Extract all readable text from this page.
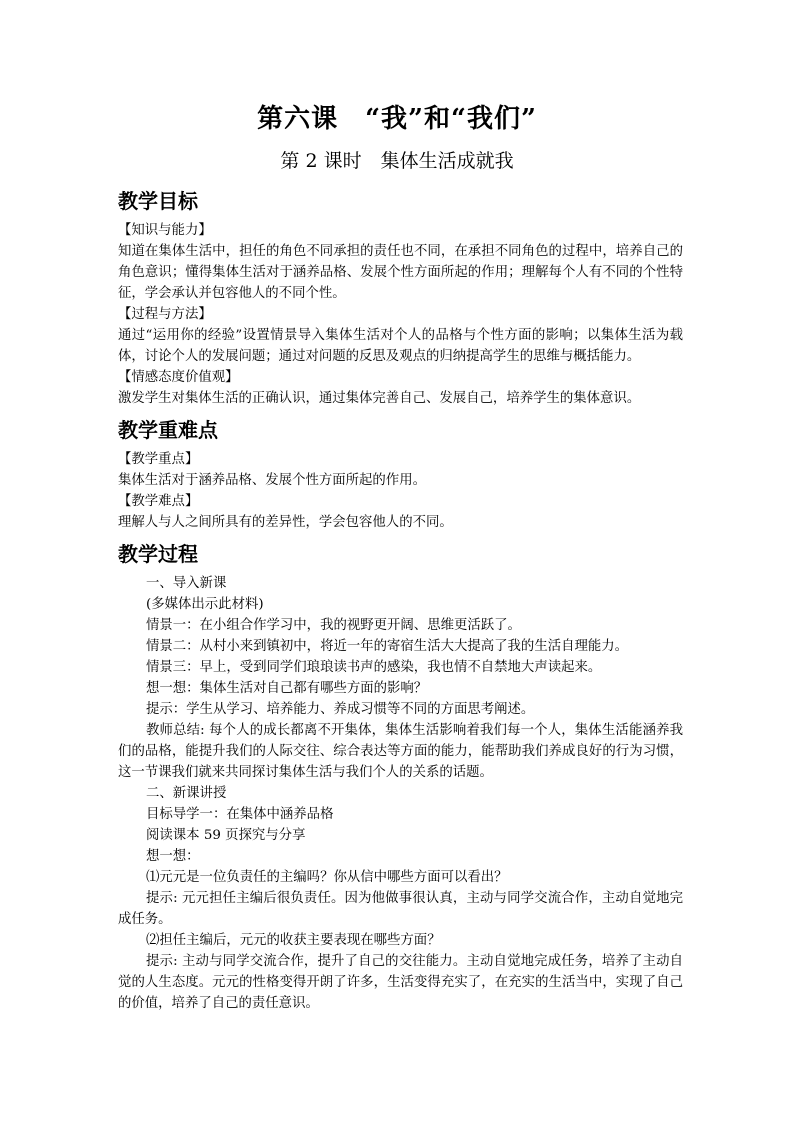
第六课　“我”和“我们”
第 2 课时　集体生活成就我

教学目标

【知识与能力】

知道在集体生活中，担任的角色不同承担的责任也不同，在承担不同角色的过程中，培养自己的角色意识；懂得集体生活对于涵养品格、发展个性方面所起的作用；理解每个人有不同的个性特征，学会承认并包容他人的不同个性。

【过程与方法】

通过“运用你的经验”设置情景导入集体生活对个人的品格与个性方面的影响；以集体生活为载体，讨论个人的发展问题；通过对问题的反思及观点的归纳提高学生的思维与概括能力。

【情感态度价值观】

激发学生对集体生活的正确认识，通过集体完善自己、发展自己，培养学生的集体意识。

教学重难点

【教学重点】

集体生活对于涵养品格、发展个性方面所起的作用。

【教学难点】

理解人与人之间所具有的差异性，学会包容他人的不同。

教学过程

一、导入新课

(多媒体出示此材料)

情景一：在小组合作学习中，我的视野更开阔、思维更活跃了。

情景二：从村小来到镇初中，将近一年的寄宿生活大大提高了我的生活自理能力。

情景三：早上，受到同学们琅琅读书声的感染，我也情不自禁地大声读起来。

想一想：集体生活对自己都有哪些方面的影响？

提示：学生从学习、培养能力、养成习惯等不同的方面思考阐述。

教师总结: 每个人的成长都离不开集体，集体生活影响着我们每一个人，集体生活能涵养我们的品格，能提升我们的人际交往、综合表达等方面的能力，能帮助我们养成良好的行为习惯，这一节课我们就来共同探讨集体生活与我们个人的关系的话题。

二、新课讲授

目标导学一：在集体中涵养品格

阅读课本 59 页探究与分享

想一想：

⑴元元是一位负责任的主编吗？你从信中哪些方面可以看出？

提示: 元元担任主编后很负责任。因为他做事很认真，主动与同学交流合作，主动自觉地完成任务。

⑵担任主编后，元元的收获主要表现在哪些方面？

提示: 主动与同学交流合作，提升了自己的交往能力。主动自觉地完成任务，培养了主动自觉的人生态度。元元的性格变得开朗了许多，生活变得充实了，在充实的生活当中，实现了自己的价值，培养了自己的责任意识。
